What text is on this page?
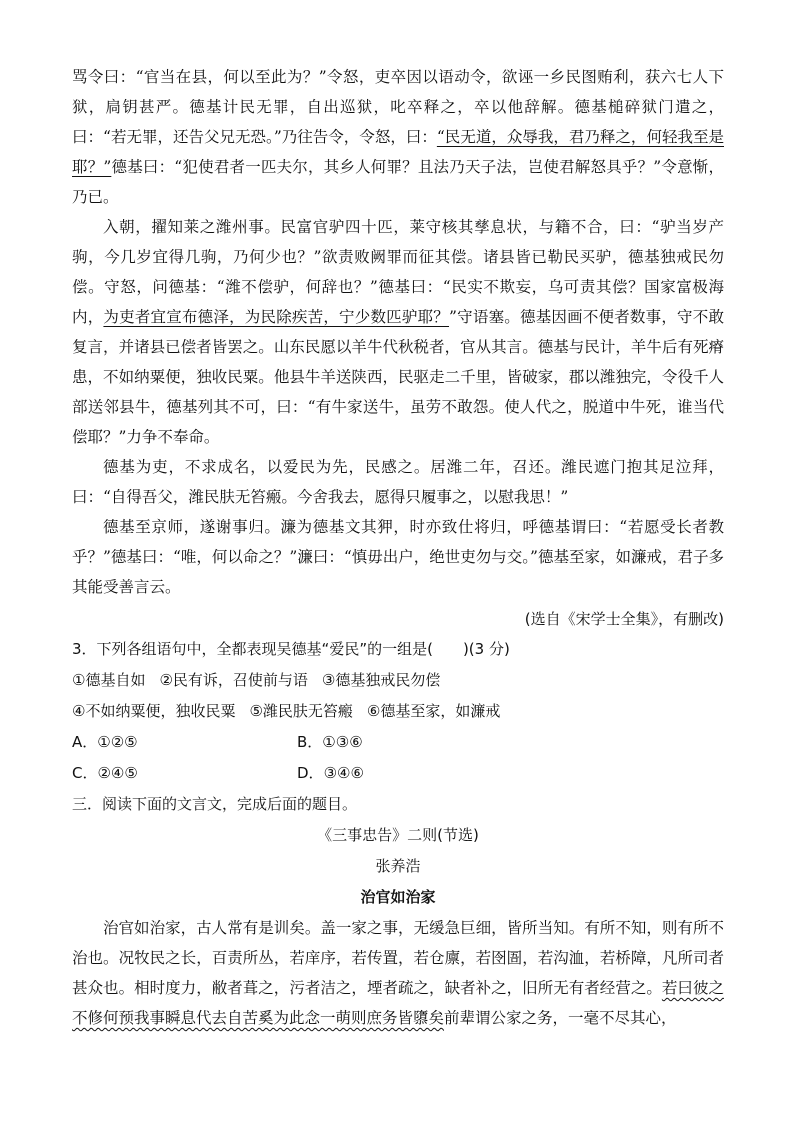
骂令曰：“官当在县，何以至此为？”令怒，吏卒因以语动令，欲诬一乡民图贿利，获六七人下狱，扃钥甚严。德基计民无罪，自出巡狱，叱卒释之，卒以他辞解。德基槌碎狱门遣之，曰：“若无罪，还告父兄无恐。”乃往告令，令怒，曰：“民无道，众辱我，君乃释之，何轻我至是耶？”德基曰：“犯使君者一匹夫尔，其乡人何罪？且法乃天子法，岂使君解怒具乎？”令意惭，乃已。

入朝，擢知莱之潍州事。民富官驴四十匹，莱守核其孳息状，与籍不合，曰：“驴当岁产驹，今几岁宜得几驹，乃何少也？”欲责败阙罪而征其偿。诸县皆已勒民买驴，德基独戒民勿偿。守怒，问德基：“潍不偿驴，何辞也？”德基曰：“民实不欺妄，乌可责其偿？国家富极海内，为吏者宜宣布德泽，为民除疾苦，宁少数匹驴耶？”守语塞。德基因画不便者数事，守不敢复言，并诸县已偿者皆罢之。山东民愿以羊牛代秋税者，官从其言。德基与民计，羊牛后有死瘠患，不如纳粟便，独收民粟。他县牛羊送陕西，民驱走二千里，皆破家，郡以潍独完，令役千人部送邻县牛，德基列其不可，曰：“有牛家送牛，虽劳不敢怨。使人代之，脱道中牛死，谁当代偿耶？”力争不奉命。

德基为吏，不求成名，以爱民为先，民感之。居潍二年，召还。潍民遮门抱其足泣拜，曰：“自得吾父，潍民肤无笞瘢。今舍我去，愿得只履事之，以慰我思！”

德基至京师，遂谢事归。濂为德基文其狎，时亦致仕将归，呼德基谓曰：“若愿受长者教乎？”德基曰：“唯，何以命之？”濂曰：“慎毋出户，绝世吏勿与交。”德基至家，如濂戒，君子多其能受善言云。

(选自《宋学士全集》，有删改)

3．下列各组语句中，全都表现吴德基“爱民”的一组是( )(3 分)

①德基自如 ②民有诉，召使前与语 ③德基独戒民勿偿

④不如纳粟便，独收民粟 ⑤潍民肤无笞瘢 ⑥德基至家，如濂戒

A．①②⑤	B．①③⑥
C．②④⑤	D．③④⑥

三．阅读下面的文言文，完成后面的题目。

《三事忠告》二则(节选)

张养浩

治官如治家

治官如治家，古人常有是训矣。盖一家之事，无缓急巨细，皆所当知。有所不知，则有所不治也。况牧民之长，百责所丛，若庠序，若传置，若仓廪，若囹圄，若沟洫，若桥障，凡所司者甚众也。相时度力，敝者葺之，污者洁之，堙者疏之，缺者补之，旧所无有者经营之。若曰彼之不修何预我事瞬息代去自苦奚为此念一萌则庶务皆隳矣前辈谓公家之务，一毫不尽其心，
